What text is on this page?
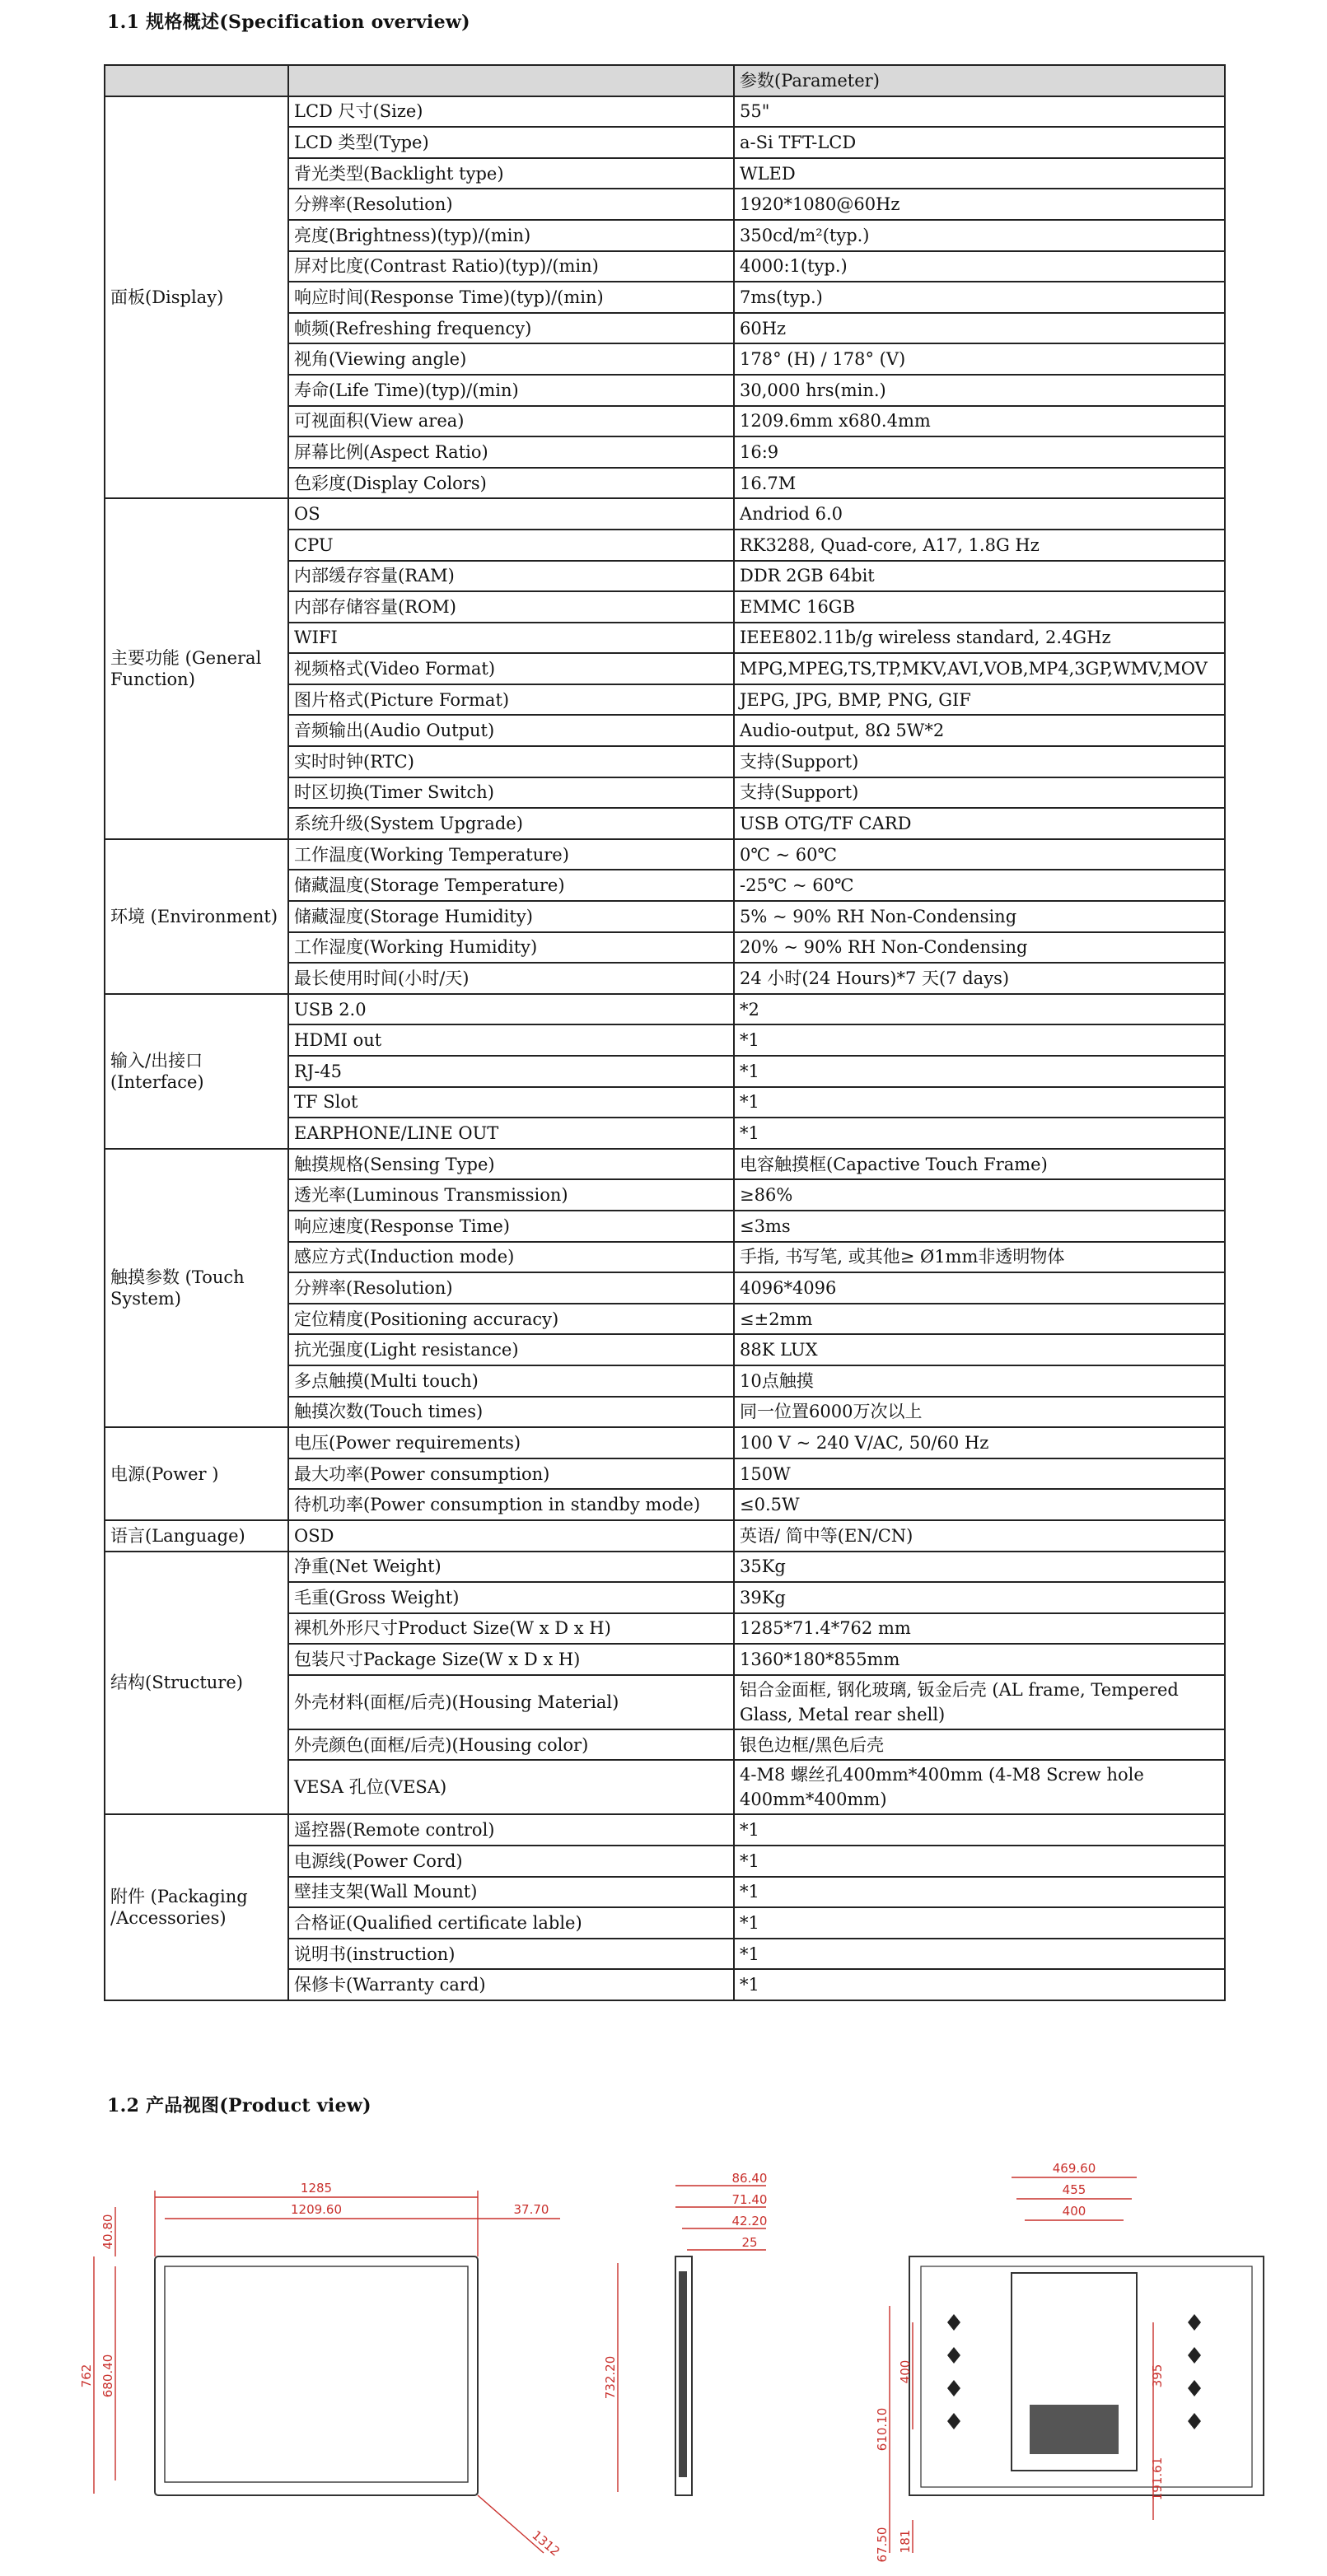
1.1 规格概述(Specification overview)
		参数(Parameter)
面板(Display)	LCD 尺寸(Size)	55"
	LCD 类型(Type)	a-Si TFT-LCD
	背光类型(Backlight type)	WLED
	分辨率(Resolution)	1920*1080@60Hz
	亮度(Brightness)(typ)/(min)	350cd/m²(typ.)
	屏对比度(Contrast Ratio)(typ)/(min)	4000:1(typ.)
	响应时间(Response Time)(typ)/(min)	7ms(typ.)
	帧频(Refreshing frequency)	60Hz
	视角(Viewing angle)	178° (H) / 178° (V)
	寿命(Life Time)(typ)/(min)	30,000 hrs(min.)
	可视面积(View area)	1209.6mm x680.4mm
	屏幕比例(Aspect Ratio)	16:9
	色彩度(Display Colors)	16.7M
主要功能 (General Function)	OS	Andriod 6.0
	CPU	RK3288, Quad-core, A17, 1.8G Hz
	内部缓存容量(RAM)	DDR 2GB 64bit
	内部存储容量(ROM)	EMMC 16GB
	WIFI	IEEE802.11b/g wireless standard, 2.4GHz
	视频格式(Video Format)	MPG,MPEG,TS,TP,MKV,AVI,VOB,MP4,3GP,WMV,MOV
	图片格式(Picture Format)	JEPG, JPG, BMP, PNG, GIF
	音频输出(Audio Output)	Audio-output, 8Ω 5W*2
	实时时钟(RTC)	支持(Support)
	时区切换(Timer Switch)	支持(Support)
	系统升级(System Upgrade)	USB OTG/TF CARD
环境 (Environment)	工作温度(Working Temperature)	0℃ ~ 60℃
	储藏温度(Storage Temperature)	-25℃ ~ 60℃
	储藏湿度(Storage Humidity)	5% ~ 90% RH Non-Condensing
	工作湿度(Working Humidity)	20% ~ 90% RH Non-Condensing
	最长使用时间(小时/天)	24 小时(24 Hours)*7 天(7 days)
输入/出接口 (Interface)	USB 2.0	*2
	HDMI out	*1
	RJ-45	*1
	TF Slot	*1
	EARPHONE/LINE OUT	*1
触摸参数 (Touch System)	触摸规格(Sensing Type)	电容触摸框(Capactive Touch Frame)
	透光率(Luminous Transmission)	≥86%
	响应速度(Response Time)	≤3ms
	感应方式(Induction mode)	手指, 书写笔, 或其他≥ Ø1mm非透明物体
	分辨率(Resolution)	4096*4096
	定位精度(Positioning accuracy)	≤±2mm
	抗光强度(Light resistance)	88K LUX
	多点触摸(Multi touch)	10点触摸
	触摸次数(Touch times)	同一位置6000万次以上
电源(Power )	电压(Power requirements)	100 V ~ 240 V/AC, 50/60 Hz
	最大功率(Power consumption)	150W
	待机功率(Power consumption in standby mode)	≤0.5W
语言(Language)	OSD	英语/ 简中等(EN/CN)
结构(Structure)	净重(Net Weight)	35Kg
	毛重(Gross Weight)	39Kg
	裸机外形尺寸Product Size(W x D x H)	1285*71.4*762 mm
	包装尺寸Package Size(W x D x H)	1360*180*855mm
	外壳材料(面框/后壳)(Housing Material)	铝合金面框, 钢化玻璃, 钣金后壳 (AL frame, Tempered Glass, Metal rear shell)
	外壳颜色(面框/后壳)(Housing color)	银色边框/黑色后壳
	VESA 孔位(VESA)	4-M8 螺丝孔400mm*400mm (4-M8 Screw hole 400mm*400mm)
附件 (Packaging /Accessories)	遥控器(Remote control)	*1
	电源线(Power Cord)	*1
	壁挂支架(Wall Mount)	*1
	合格证(Qualified certificate lable)	*1
	说明书(instruction)	*1
	保修卡(Warranty card)	*1
1.2 产品视图(Product view)
1285
1209.60	37.70
762
40.80
680.40
1312
86.40
71.40
42.20
25
732.20
469.60
455
400
610.10
400	395
191.61
67.50 181
